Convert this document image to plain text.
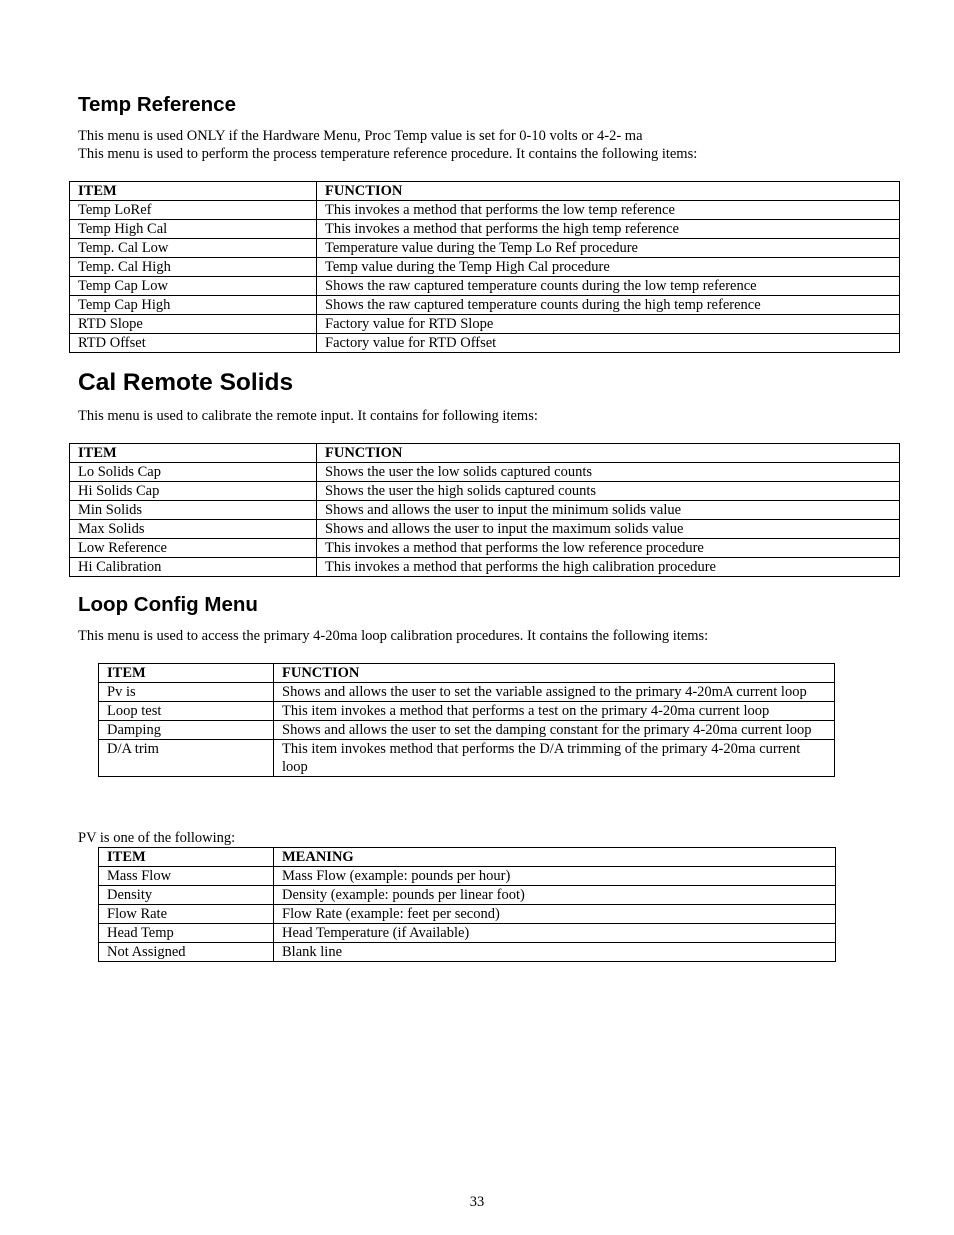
Temp Reference

This menu is used ONLY if the Hardware Menu, Proc Temp value is set for 0-10 volts or 4-2- ma

This menu is used to perform the process temperature reference procedure. It contains the following items:

ITEM	FUNCTION
Temp LoRef	This invokes a method that performs the low temp reference
Temp High Cal	This invokes a method that performs the high temp reference
Temp. Cal Low	Temperature value during the Temp Lo Ref procedure
Temp. Cal High	Temp value during the Temp High Cal procedure
Temp Cap Low	Shows the raw captured temperature counts during the low temp reference
Temp Cap High	Shows the raw captured temperature counts during the high temp reference
RTD Slope	Factory value for RTD Slope
RTD Offset	Factory value for RTD Offset
Cal Remote Solids

This menu is used to calibrate the remote input. It contains for following items:

ITEM	FUNCTION
Lo Solids Cap	Shows the user the low solids captured counts
Hi Solids Cap	Shows the user the high solids captured counts
Min Solids	Shows and allows the user to input the minimum solids value
Max Solids	Shows and allows the user to input the maximum solids value
Low Reference	This invokes a method that performs the low reference procedure
Hi Calibration	This invokes a method that performs the high calibration procedure
Loop Config Menu

This menu is used to access the primary 4-20ma loop calibration procedures. It contains the following items:

ITEM	FUNCTION
Pv is	Shows and allows the user to set the variable assigned to the primary 4-20mA current loop
Loop test	This item invokes a method that performs a test on the primary 4-20ma current loop
Damping	Shows and allows the user to set the damping constant for the primary 4-20ma current loop
D/A trim	This item invokes method that performs the D/A trimming of the primary 4-20ma current loop

PV is one of the following:

ITEM	MEANING
Mass Flow	Mass Flow (example: pounds per hour)
Density	Density (example: pounds per linear foot)
Flow Rate	Flow Rate (example: feet per second)
Head Temp	Head Temperature (if Available)
Not Assigned	Blank line
33
